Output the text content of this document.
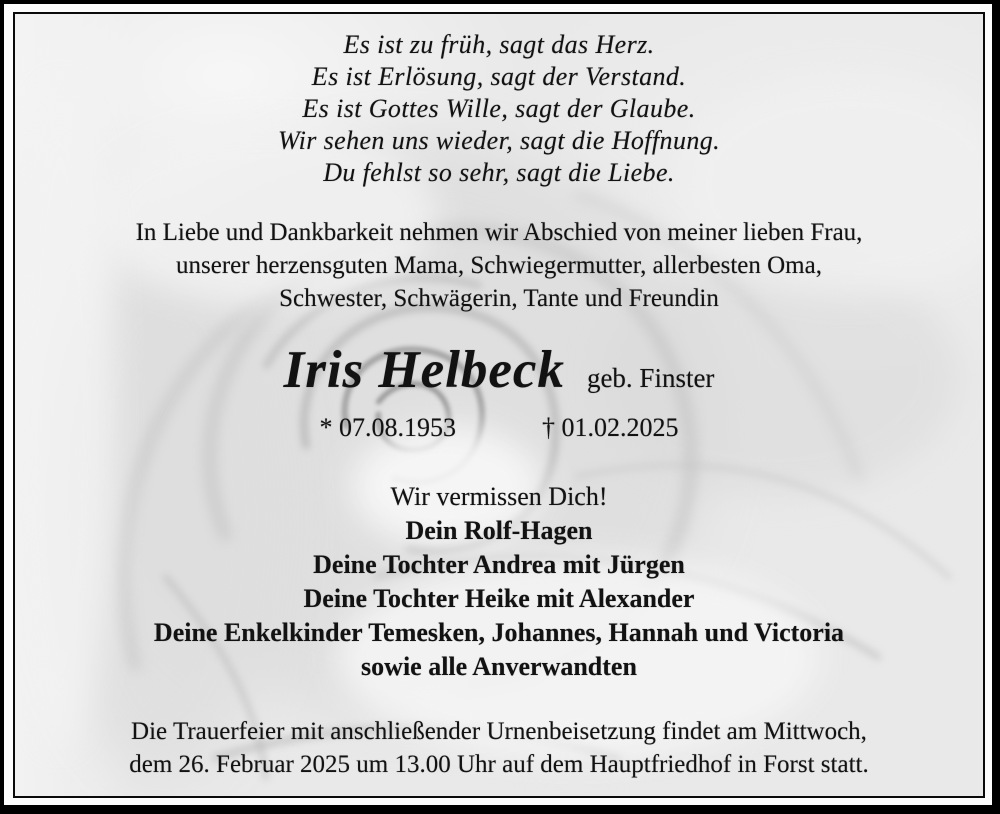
Es ist zu früh, sagt das Herz.
Es ist Erlösung, sagt der Verstand.
Es ist Gottes Wille, sagt der Glaube.
Wir sehen uns wieder, sagt die Hoffnung.
Du fehlst so sehr, sagt die Liebe.
In Liebe und Dankbarkeit nehmen wir Abschied von meiner lieben Frau,
unserer herzensguten Mama, Schwiegermutter, allerbesten Oma,
Schwester, Schwägerin, Tante und Freundin
Iris Helbeck geb. Finster
* 07.08.1953	† 01.02.2025
Wir vermissen Dich!
Dein Rolf-Hagen
Deine Tochter Andrea mit Jürgen
Deine Tochter Heike mit Alexander
Deine Enkelkinder Temesken, Johannes, Hannah und Victoria
sowie alle Anverwandten
Die Trauerfeier mit anschließender Urnenbeisetzung findet am Mittwoch,
dem 26. Februar 2025 um 13.00 Uhr auf dem Hauptfriedhof in Forst statt.
